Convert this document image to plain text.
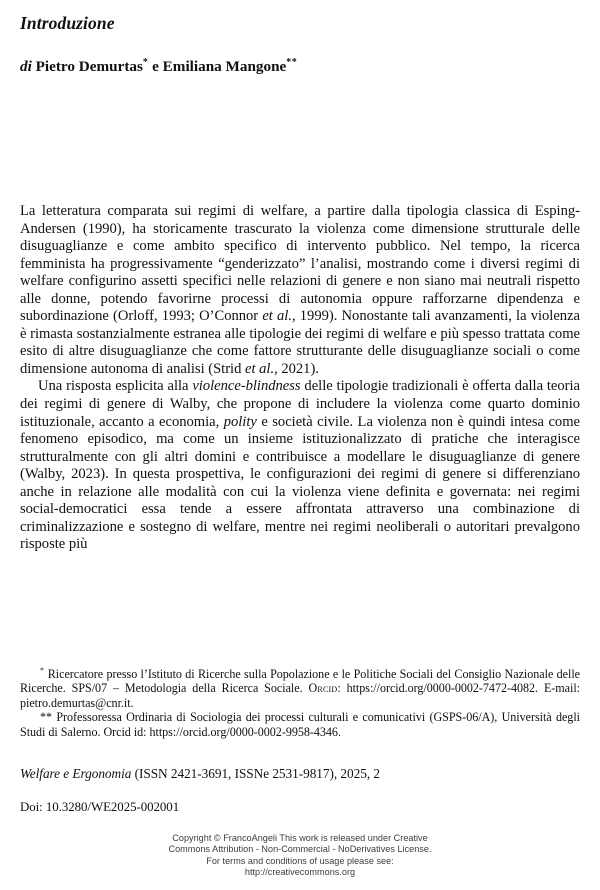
Introduzione

di Pietro Demurtas* e Emiliana Mangone**

La letteratura comparata sui regimi di welfare, a partire dalla tipologia classica di Esping-Andersen (1990), ha storicamente trascurato la violenza come dimensione strutturale delle disuguaglianze e come ambito specifico di intervento pubblico. Nel tempo, la ricerca femminista ha progressivamente “genderizzato” l’analisi, mostrando come i diversi regimi di welfare configurino assetti specifici nelle relazioni di genere e non siano mai neutrali rispetto alle donne, potendo favorirne processi di autonomia oppure rafforzarne dipendenza e subordinazione (Orloff, 1993; O’Connor et al., 1999). Nonostante tali avanzamenti, la violenza è rimasta sostanzialmente estranea alle tipologie dei regimi di welfare e più spesso trattata come esito di altre disuguaglianze che come fattore strutturante delle disuguaglianze sociali o come dimensione autonoma di analisi (Strid et al., 2021).

Una risposta esplicita alla violence-blindness delle tipologie tradizionali è offerta dalla teoria dei regimi di genere di Walby, che propone di includere la violenza come quarto dominio istituzionale, accanto a economia, polity e società civile. La violenza non è quindi intesa come fenomeno episodico, ma come un insieme istituzionalizzato di pratiche che interagisce strutturalmente con gli altri domini e contribuisce a modellare le disuguaglianze di genere (Walby, 2023). In questa prospettiva, le configurazioni dei regimi di genere si differenziano anche in relazione alle modalità con cui la violenza viene definita e governata: nei regimi social-democratici essa tende a essere affrontata attraverso una combinazione di criminalizzazione e sostegno di welfare, mentre nei regimi neoliberali o autoritari prevalgono risposte più

* Ricercatore presso l’Istituto di Ricerche sulla Popolazione e le Politiche Sociali del Consiglio Nazionale delle Ricerche. SPS/07 – Metodologia della Ricerca Sociale. Orcid: https://orcid.org/0000-0002-7472-4082. E-mail: pietro.demurtas@cnr.it.

** Professoressa Ordinaria di Sociologia dei processi culturali e comunicativi (GSPS-06/A), Università degli Studi di Salerno. Orcid id: https://orcid.org/0000-0002-9958-4346.

Welfare e Ergonomia (ISSN 2421-3691, ISSNe 2531-9817), 2025, 2

Doi: 10.3280/WE2025-002001

Copyright © FrancoAngeli This work is released under Creative
Commons Attribution - Non-Commercial - NoDerivatives License.
For terms and conditions of usage please see:
http://creativecommons.org
